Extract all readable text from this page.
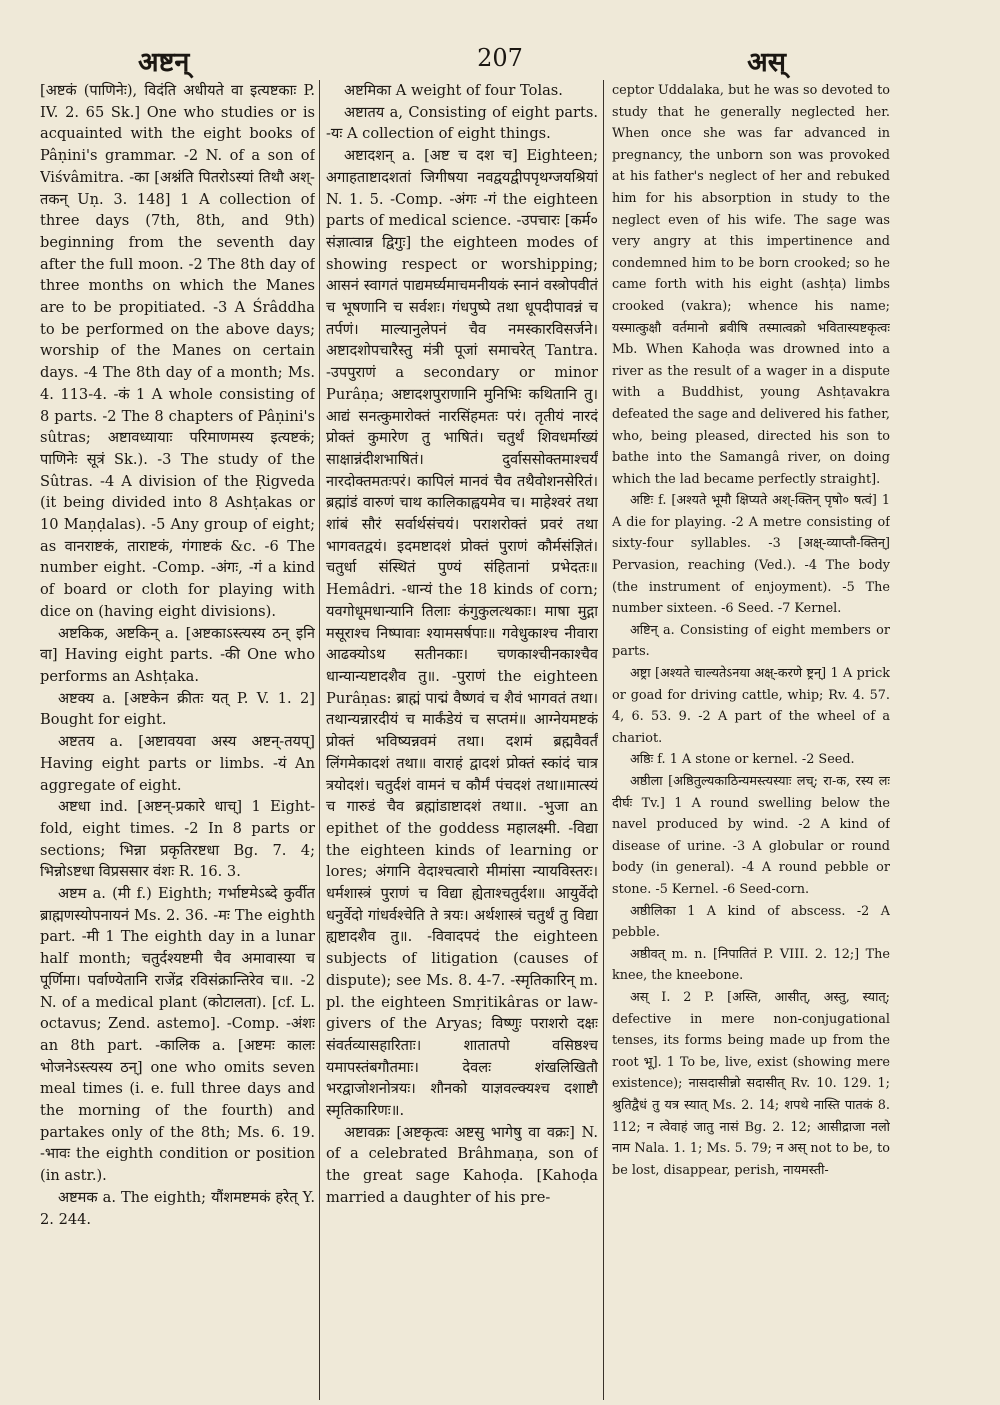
अष्टन्	207	अस्

[अष्टकं (पाणिनेः), विदंति अधीयते वा इत्यष्टकाः P. IV. 2. 65 Sk.] One who studies or is acquainted with the eight books of Pâṇini's grammar. -2 N. of a son of Viśvâmitra. -का [अश्नंति पितरोऽस्यां तिथौ अश्-तकन् Uṇ. 3. 148] 1 A collection of three days (7th, 8th, and 9th) beginning from the seventh day after the full moon. -2 The 8th day of three months on which the Manes are to be propitiated. -3 A Śrâddha to be performed on the above days; worship of the Manes on certain days. -4 The 8th day of a month; Ms. 4. 113-4. -कं 1 A whole consisting of 8 parts. -2 The 8 chapters of Pâṇini's sûtras; अष्टावध्यायाः परिमाणमस्य इत्यष्टकं; पाणिनेः सूत्रं Sk.). -3 The study of the Sûtras. -4 A division of the Ṛigveda (it being divided into 8 Ashṭakas or 10 Maṇḍalas). -5 Any group of eight; as वानराष्टकं, ताराष्टकं, गंगाष्टकं &c. -6 The number eight. -Comp. -अंगः, -गं a kind of board or cloth for playing with dice on (having eight divisions).

अष्टकिक, अष्टकिन् a. [अष्टकाऽस्त्यस्य ठन् इनि वा] Having eight parts. -की One who performs an Ashṭaka.

अष्टक्य a. [अष्टकेन क्रीतः यत् P. V. 1. 2] Bought for eight.

अष्टतय a. [अष्टावयवा अस्य अष्टन्-तयप्] Having eight parts or limbs. -यं An aggregate of eight.

अष्टधा ind. [अष्टन्-प्रकारे धाच्] 1 Eight-fold, eight times. -2 In 8 parts or sections; भिन्ना प्रकृतिरष्टधा Bg. 7. 4; भिन्नोऽष्टधा विप्रससार वंशः R. 16. 3.

अष्टम a. (मी f.) Eighth; गर्भाष्टमेऽब्दे कुर्वीत ब्राह्मणस्योपनायनं Ms. 2. 36. -मः The eighth part. -मी 1 The eighth day in a lunar half month; चतुर्दश्यष्टमी चैव अमावास्या च पूर्णिमा। पर्वाण्येतानि राजेंद्र रविसंक्रान्तिरेव च॥. -2 N. of a medical plant (कोटालता). [cf. L. octavus; Zend. astemo]. -Comp. -अंशः an 8th part. -कालिक a. [अष्टमः कालः भोजनेऽस्त्यस्य ठन्] one who omits seven meal times (i. e. full three days and the morning of the fourth) and partakes only of the 8th; Ms. 6. 19. -भावः the eighth condition or position (in astr.).

अष्टमक a. The eighth; यौंशमष्टमकं हरेत् Y. 2. 244.

अष्टमिका A weight of four Tolas.

अष्टातय a, Consisting of eight parts. -यः A collection of eight things.

अष्टादशन् a. [अष्ट च दश च] Eighteen; अगाहताष्टादशतां जिगीषया नवद्वयद्वीपपृथग्जयश्रियां N. 1. 5. -Comp. -अंगः -गं the eighteen parts of medical science. -उपचारः [कर्म० संज्ञात्वान्न द्विगुः] the eighteen modes of showing respect or worshipping; आसनं स्वागतं पाद्यमर्घ्यमाचमनीयकं स्नानं वस्त्रोपवीतं च भूषणानि च सर्वशः। गंधपुष्पे तथा धूपदीपावन्नं च तर्पणं। माल्यानुलेपनं चैव नमस्कारविसर्जने। अष्टादशोपचारैस्तु मंत्री पूजां समाचरेत् Tantra. -उपपुराणं a secondary or minor Purâṇa; अष्टादशपुराणानि मुनिभिः कथितानि तु। आद्यं सनत्कुमारोक्तं नारसिंहमतः परं। तृतीयं नारदं प्रोक्तं कुमारेण तु भाषितं। चतुर्थं शिवधर्माख्यं साक्षान्नंदीशभाषितं। दुर्वाससोक्तमाश्चर्यं नारदोक्तमतःपरं। कापिलं मानवं चैव तथैवोशनसेरितं। ब्रह्मांडं वारुणं चाथ कालिकाह्वयमेव च। माहेश्वरं तथा शांबं सौरं सर्वार्थसंचयं। पराशरोक्तं प्रवरं तथा भागवतद्वयं। इदमष्टादशं प्रोक्तं पुराणं कौर्मसंज्ञितं। चतुर्धा संस्थितं पुण्यं संहितानां प्रभेदतः॥ Hemâdri. -धान्यं the 18 kinds of corn; यवगोधूमधान्यानि तिलाः कंगुकुलत्थकाः। माषा मुद्गा मसूराश्च निष्पावाः श्यामसर्षपाः॥ गवेधुकाश्च नीवारा आढक्योऽथ सतीनकाः। चणकाश्चीनकाश्चैव धान्यान्यष्टादशैव तु॥. -पुराणं the eighteen Purâṇas: ब्राह्मं पाद्मं वैष्णवं च शैवं भागवतं तथा। तथान्यन्नारदीयं च मार्कंडेयं च सप्तमं॥ आग्नेयमष्टकं प्रोक्तं भविष्यन्नवमं तथा। दशमं ब्रह्मवैवर्तं लिंगमेकादशं तथा॥ वाराहं द्वादशं प्रोक्तं स्कांदं चात्र त्रयोदशं। चतुर्दशं वामनं च कौर्मं पंचदशं तथा॥मात्स्यं च गारुडं चैव ब्रह्मांडाष्टादशं तथा॥. -भुजा an epithet of the goddess महालक्ष्मी. -विद्या the eighteen kinds of learning or lores; अंगानि वेदाश्चत्वारो मीमांसा न्यायविस्तरः। धर्मशास्त्रं पुराणं च विद्या ह्येताश्चतुर्दश॥ आयुर्वेदो धनुर्वेदो गांधर्वश्चेति ते त्रयः। अर्थशास्त्रं चतुर्थं तु विद्या ह्यष्टादशैव तु॥. -विवादपदं the eighteen subjects of litigation (causes of dispute); see Ms. 8. 4-7. -स्मृतिकारिन् m. pl. the eighteen Smṛitikâras or law-givers of the Aryas; विष्णुः पराशरो दक्षः संवर्तव्यासहारिताः। शातातपो वसिष्ठश्च यमापस्तंबगौतमाः। देवलः शंखलिखितौ भरद्वाजोशनोत्रयः। शौनको याज्ञवल्क्यश्च दशाष्टौ स्मृतिकारिणः॥.

अष्टावक्रः [अष्टकृत्वः अष्टसु भागेषु वा वक्रः] N. of a celebrated Brâhmaṇa, son of the great sage Kahoḍa. [Kahoḍa married a daughter of his pre-

ceptor Uddalaka, but he was so devoted to study that he generally neglected her. When once she was far advanced in pregnancy, the unborn son was provoked at his father's neglect of her and rebuked him for his absorption in study to the neglect even of his wife. The sage was very angry at this impertinence and condemned him to be born crooked; so he came forth with his eight (ashṭa) limbs crooked (vakra); whence his name; यस्मात्कुक्षौ वर्तमानो ब्रवीषि तस्मात्वक्रो भवितास्यष्टकृत्वः Mb. When Kahoḍa was drowned into a river as the result of a wager in a dispute with a Buddhist, young Ashṭavakra defeated the sage and delivered his father, who, being pleased, directed his son to bathe into the Samangâ river, on doing which the lad became perfectly straight].

अष्टिः f. [अश्यते भूमौ क्षिप्यते अश्-क्तिन् पृषो० षत्वं] 1 A die for playing. -2 A metre consisting of sixty-four syllables. -3 [अक्ष्-व्याप्तौ-क्तिन्] Pervasion, reaching (Ved.). -4 The body (the instrument of enjoyment). -5 The number sixteen. -6 Seed. -7 Kernel.

अष्टिन् a. Consisting of eight members or parts.

अष्ट्रा [अश्यते चाल्यतेऽनया अक्ष्-करणे ष्ट्रन्] 1 A prick or goad for driving cattle, whip; Rv. 4. 57. 4, 6. 53. 9. -2 A part of the wheel of a chariot.

अष्ठिः f. 1 A stone or kernel. -2 Seed.

अष्ठीला [अष्ठितुल्यकाठिन्यमस्त्यस्याः लच्; रा-क, रस्य लः दीर्घः Tv.] 1 A round swelling below the navel produced by wind. -2 A kind of disease of urine. -3 A globular or round body (in general). -4 A round pebble or stone. -5 Kernel. -6 Seed-corn.

अष्ठीलिका 1 A kind of abscess. -2 A pebble.

अष्ठीवत् m. n. [निपातितं P. VIII. 2. 12;] The knee, the kneebone.

अस् I. 2 P. [अस्ति, आसीत्, अस्तु, स्यात्; defective in mere non-conjugational tenses, its forms being made up from the root भू]. 1 To be, live, exist (showing mere existence); नासदासीन्नो सदासीत् Rv. 10. 129. 1; श्रुतिद्वैधं तु यत्र स्यात् Ms. 2. 14; शपथे नास्ति पातकं 8. 112; न त्वेवाहं जातु नासं Bg. 2. 12; आसीद्राजा नलो नाम Nala. 1. 1; Ms. 5. 79; न अस् not to be, to be lost, disappear, perish, नायमस्ती-
